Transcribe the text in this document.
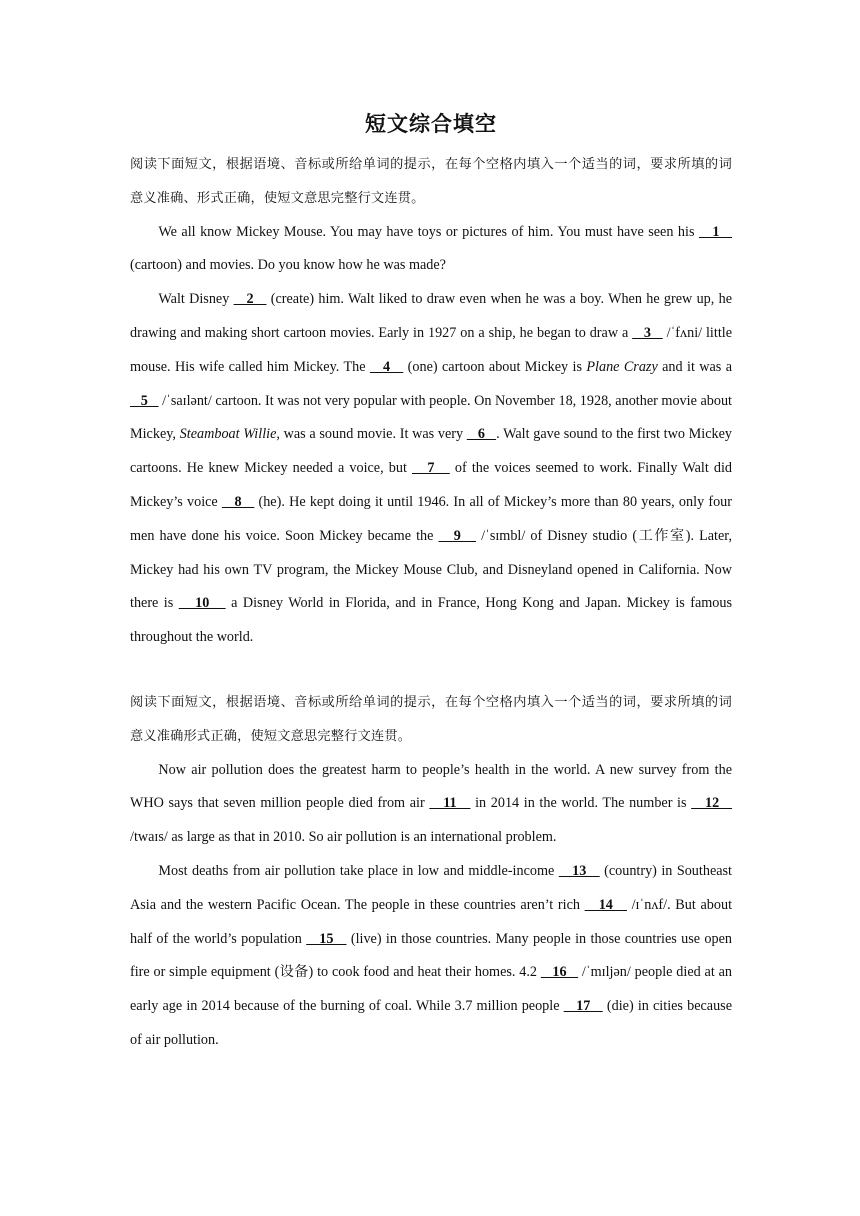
短文综合填空

阅读下面短文，根据语境、音标或所给单词的提示，在每个空格内填入一个适当的词，要求所填的词意义准确、形式正确，使短文意思完整行文连贯。

We all know Mickey Mouse. You may have toys or pictures of him. You must have seen his    1    (cartoon) and movies. Do you know how he was made?

Walt Disney    2    (create) him. Walt liked to draw even when he was a boy. When he grew up, he drawing and making short cartoon movies. Early in 1927 on a ship, he began to draw a    3    /ˈfʌni/ little mouse. His wife called him Mickey. The    4    (one) cartoon about Mickey is Plane Crazy and it was a    5    /ˈsaɪlənt/ cartoon. It was not very popular with people. On November 18, 1928, another movie about Mickey, Steamboat Willie, was a sound movie. It was very    6   . Walt gave sound to the first two Mickey cartoons. He knew Mickey needed a voice, but    7    of the voices seemed to work. Finally Walt did Mickey’s voice    8    (he). He kept doing it until 1946. In all of Mickey’s more than 80 years, only four men have done his voice. Soon Mickey became the    9    /ˈsɪmbl/ of Disney studio (工作室). Later, Mickey had his own TV program, the Mickey Mouse Club, and Disneyland opened in California. Now there is    10    a Disney World in Florida, and in France, Hong Kong and Japan. Mickey is famous throughout the world.

阅读下面短文，根据语境、音标或所给单词的提示，在每个空格内填入一个适当的词，要求所填的词意义准确形式正确，使短文意思完整行文连贯。

Now air pollution does the greatest harm to people’s health in the world. A new survey from the WHO says that seven million people died from air    11    in 2014 in the world. The number is    12    /twaɪs/ as large as that in 2010. So air pollution is an international problem.

Most deaths from air pollution take place in low and middle-income    13    (country) in Southeast Asia and the western Pacific Ocean. The people in these countries aren’t rich    14    /ɪˈnʌf/. But about half of the world’s population    15    (live) in those countries. Many people in those countries use open fire or simple equipment (设备) to cook food and heat their homes. 4.2    16    /ˈmɪljən/ people died at an early age in 2014 because of the burning of coal. While 3.7 million people    17    (die) in cities because of air pollution.
